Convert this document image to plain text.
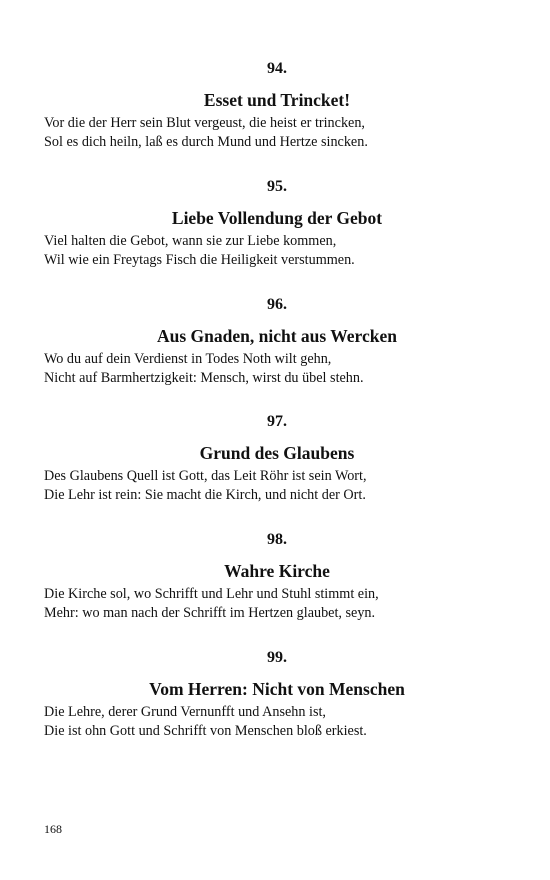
94.
Esset und Trincket!
Vor die der Herr sein Blut vergeust, die heist er trincken,
Sol es dich heiln, laß es durch Mund und Hertze sincken.
95.
Liebe Vollendung der Gebot
Viel halten die Gebot, wann sie zur Liebe kommen,
Wil wie ein Freytags Fisch die Heiligkeit verstummen.
96.
Aus Gnaden, nicht aus Wercken
Wo du auf dein Verdienst in Todes Noth wilt gehn,
Nicht auf Barmhertzigkeit: Mensch, wirst du übel stehn.
97.
Grund des Glaubens
Des Glaubens Quell ist Gott, das Leit Röhr ist sein Wort,
Die Lehr ist rein: Sie macht die Kirch, und nicht der Ort.
98.
Wahre Kirche
Die Kirche sol, wo Schrifft und Lehr und Stuhl stimmt ein,
Mehr: wo man nach der Schrifft im Hertzen glaubet, seyn.
99.
Vom Herren: Nicht von Menschen
Die Lehre, derer Grund Vernunfft und Ansehn ist,
Die ist ohn Gott und Schrifft von Menschen bloß erkiest.
168
